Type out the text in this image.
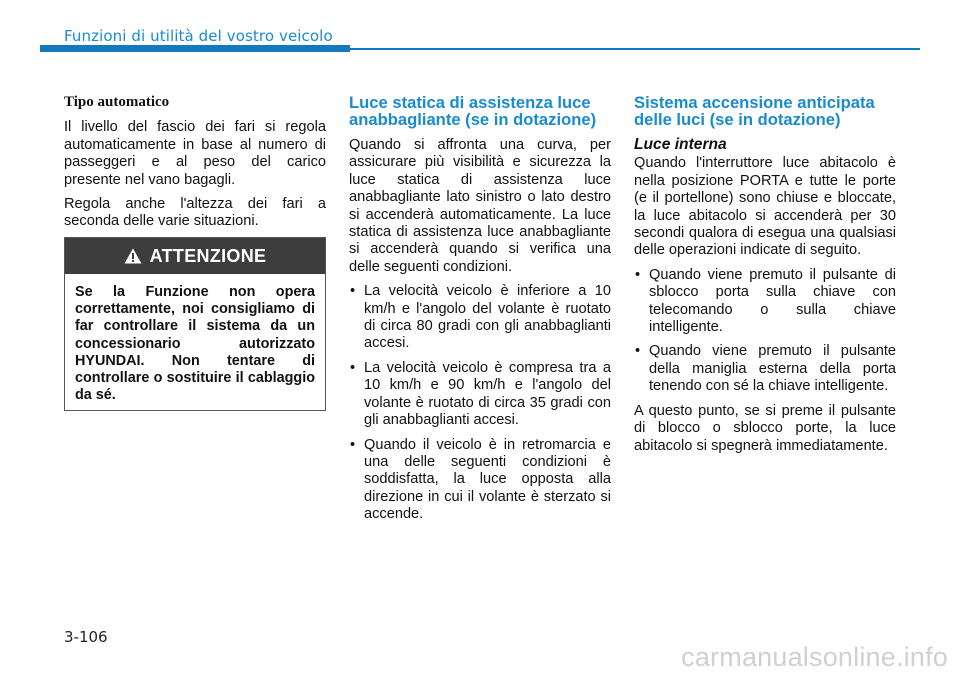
Funzioni di utilità del vostro veicolo
Tipo automatico

Il livello del fascio dei fari si regola automaticamente in base al numero di passeggeri e al peso del carico presente nel vano bagagli.

Regola anche l'altezza dei fari a seconda delle varie situazioni.

ATTENZIONE
Se la Funzione non opera correttamente, noi consigliamo di far controllare il sistema da un concessionario autorizzato HYUNDAI. Non tentare di controllare o sostituire il cablaggio da sé.
Luce statica di assistenza luce anabbagliante (se in dotazione)

Quando si affronta una curva, per assicurare più visibilità e sicurezza la luce statica di assistenza luce anabbagliante lato sinistro o lato destro si accenderà automaticamente. La luce statica di assistenza luce anabbagliante si accenderà quando si verifica una delle seguenti condizioni.

• La velocità veicolo è inferiore a 10 km/h e l'angolo del volante è ruotato di circa 80 gradi con gli anabbaglianti accesi.
• La velocità veicolo è compresa tra a 10 km/h e 90 km/h e l'angolo del volante è ruotato di circa 35 gradi con gli anabbaglianti accesi.
• Quando il veicolo è in retromarcia e una delle seguenti condizioni è soddisfatta, la luce opposta alla direzione in cui il volante è sterzato si accende.
Sistema accensione anticipata delle luci (se in dotazione)
Luce interna

Quando l'interruttore luce abitacolo è nella posizione PORTA e tutte le porte (e il portellone) sono chiuse e bloccate, la luce abitacolo si accenderà per 30 secondi qualora di esegua una qualsiasi delle operazioni indicate di seguito.

• Quando viene premuto il pulsante di sblocco porta sulla chiave con telecomando o sulla chiave intelligente.
• Quando viene premuto il pulsante della maniglia esterna della porta tenendo con sé la chiave intelligente.

A questo punto, se si preme il pulsante di blocco o sblocco porte, la luce abitacolo si spegnerà immediatamente.

3-106
carmanualsonline.info
